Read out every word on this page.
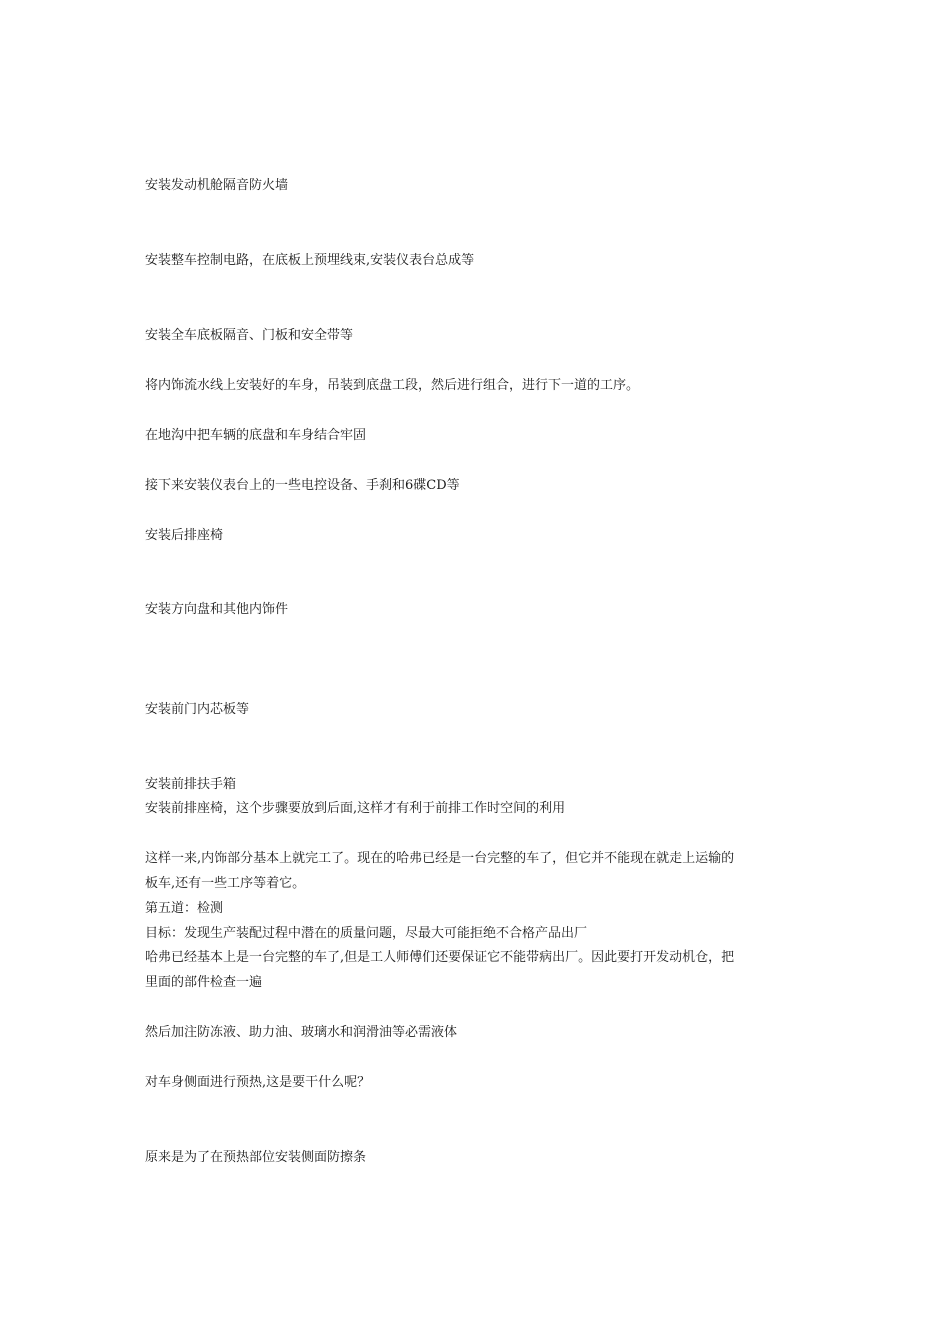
安装发动机舱隔音防火墙
安装整车控制电路，在底板上预埋线束,安装仪表台总成等
安装全车底板隔音、门板和安全带等
将内饰流水线上安装好的车身，吊装到底盘工段，然后进行组合，进行下一道的工序。
在地沟中把车辆的底盘和车身结合牢固
接下来安装仪表台上的一些电控设备、手刹和6碟CD等
安装后排座椅
安装方向盘和其他内饰件
安装前门内芯板等
安装前排扶手箱
安装前排座椅，这个步骤要放到后面,这样才有利于前排工作时空间的利用
这样一来,内饰部分基本上就完工了。现在的哈弗已经是一台完整的车了，但它并不能现在就走上运输的
板车,还有一些工序等着它。
第五道：检测
目标：发现生产装配过程中潜在的质量问题，尽最大可能拒绝不合格产品出厂
哈弗已经基本上是一台完整的车了,但是工人师傅们还要保证它不能带病出厂。因此要打开发动机仓，把
里面的部件检查一遍
然后加注防冻液、助力油、玻璃水和润滑油等必需液体
对车身侧面进行预热,这是要干什么呢？
原来是为了在预热部位安装侧面防擦条
